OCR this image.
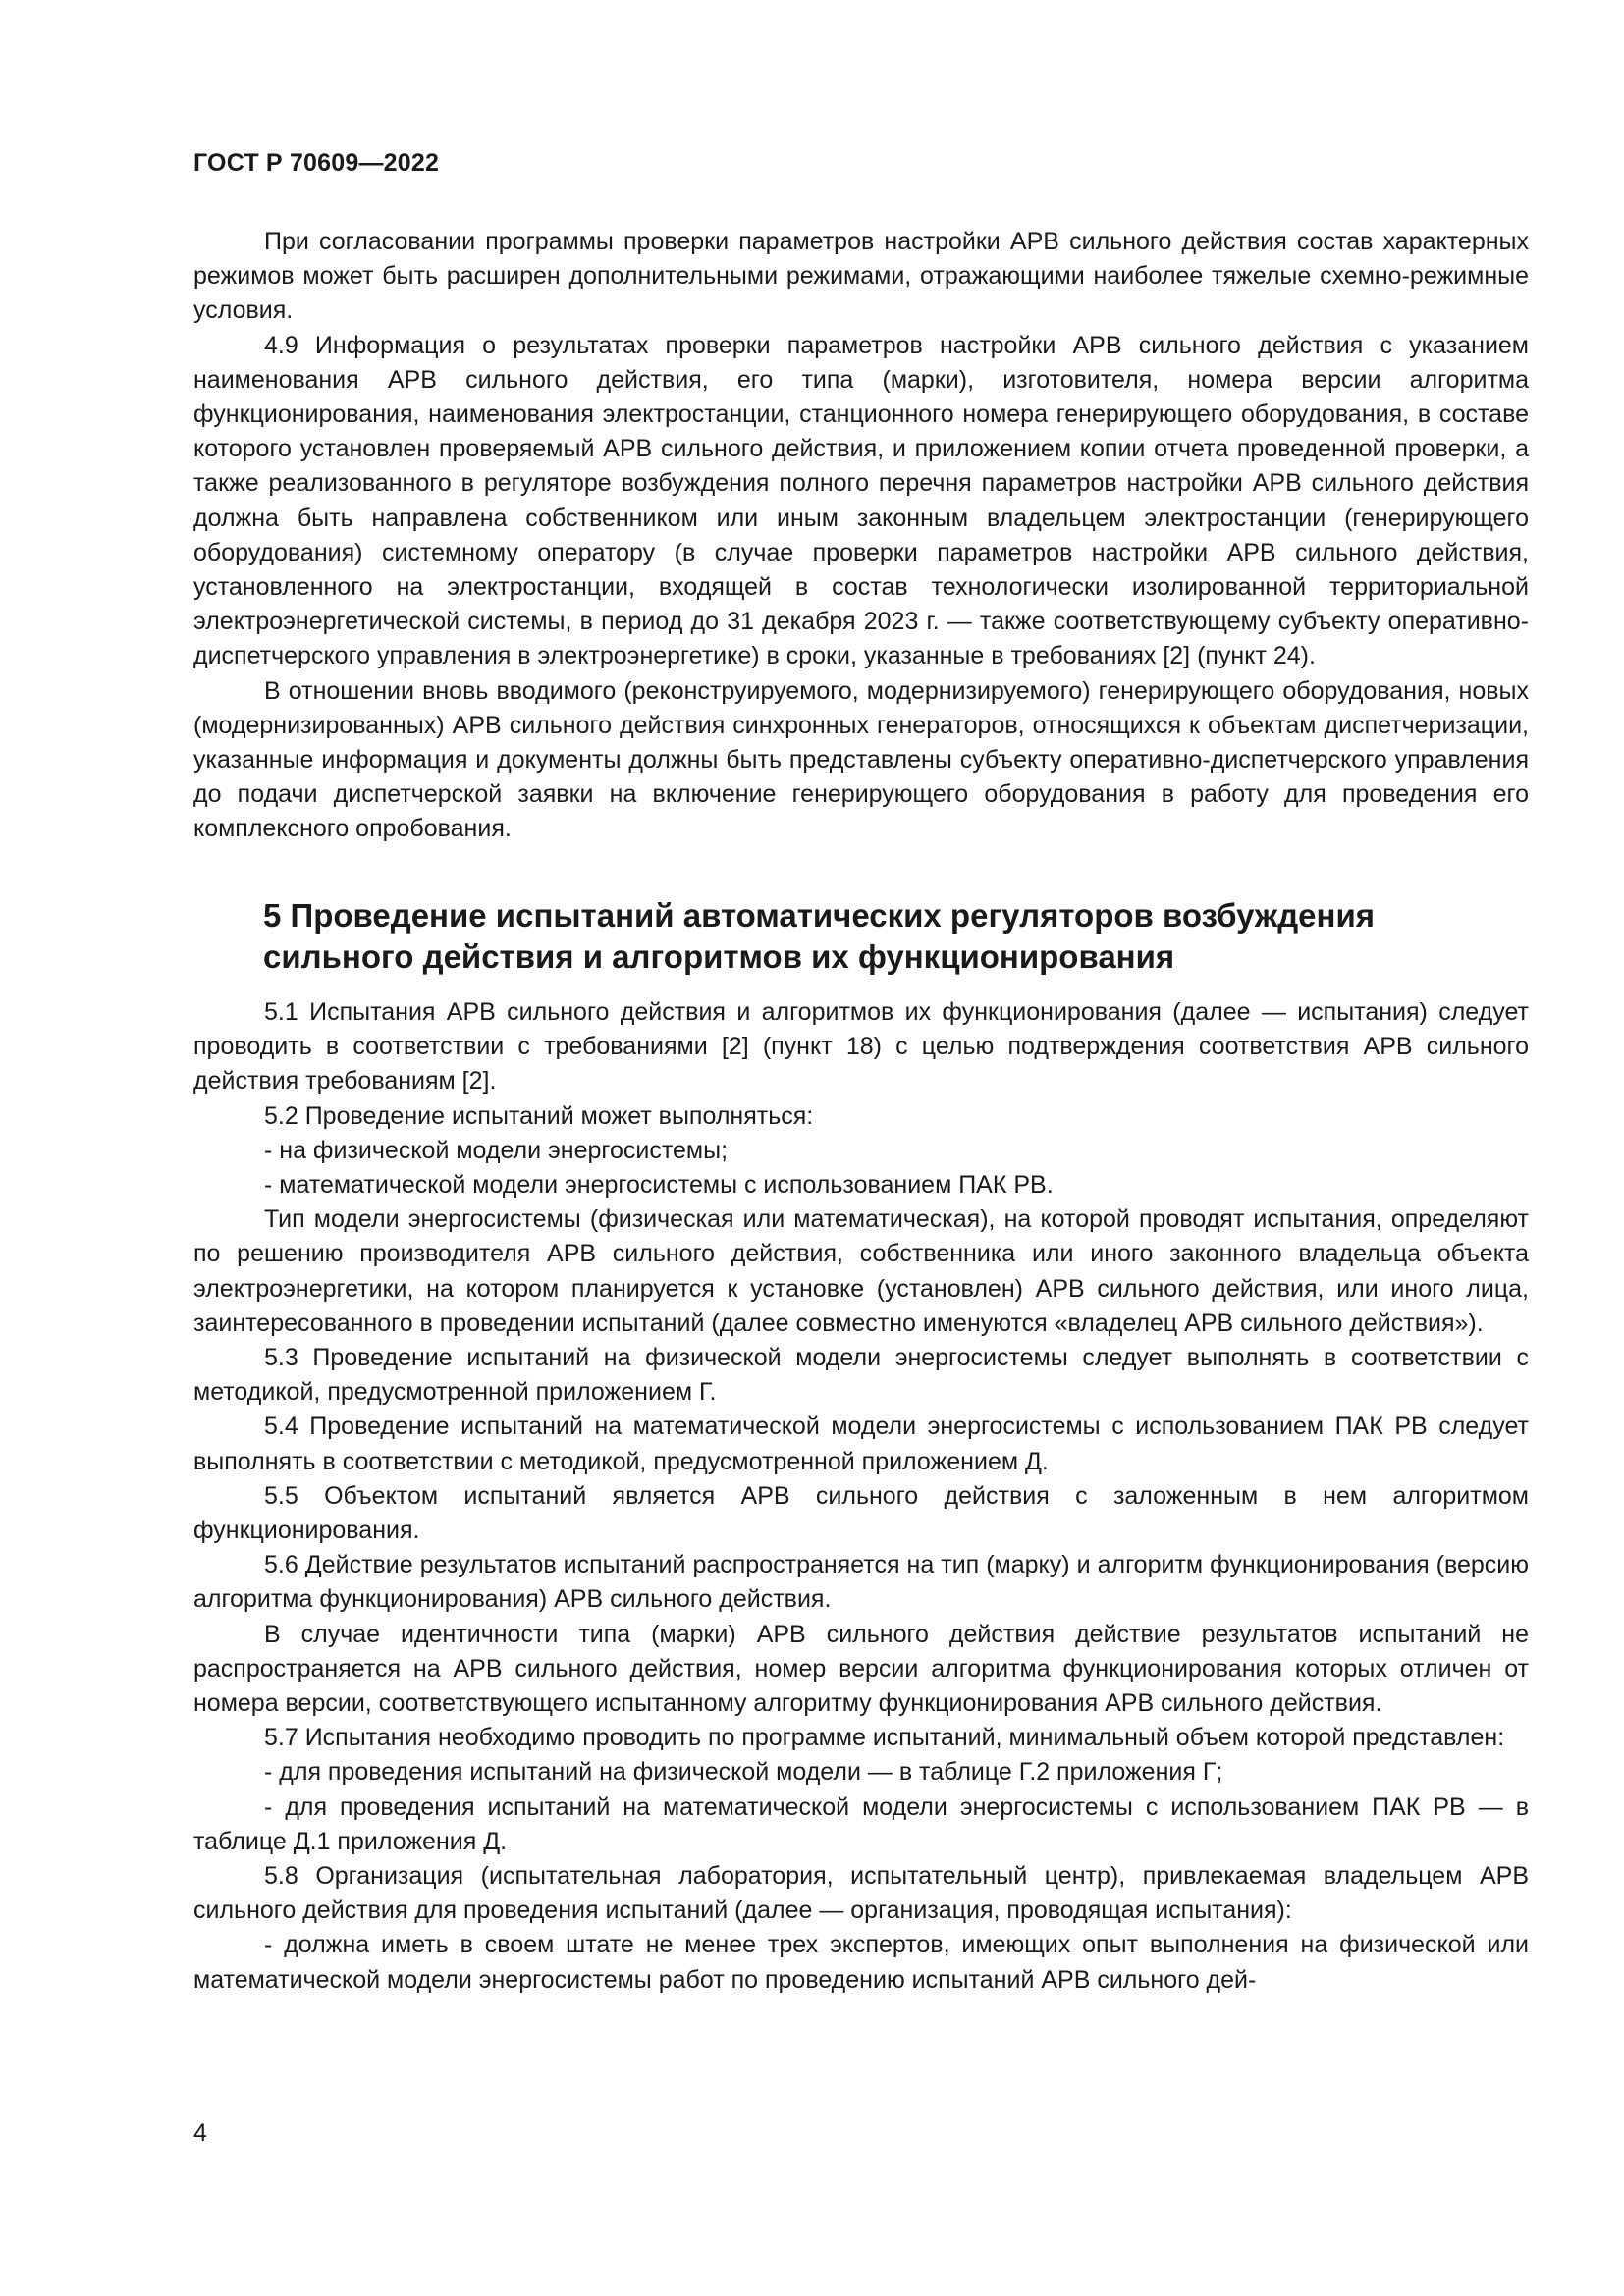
ГОСТ Р 70609—2022

При согласовании программы проверки параметров настройки АРВ сильного действия состав характерных режимов может быть расширен дополнительными режимами, отражающими наиболее тяжелые схемно-режимные условия.

4.9 Информация о результатах проверки параметров настройки АРВ сильного действия с указанием наименования АРВ сильного действия, его типа (марки), изготовителя, номера версии алгоритма функционирования, наименования электростанции, станционного номера генерирующего оборудования, в составе которого установлен проверяемый АРВ сильного действия, и приложением копии отчета проведенной проверки, а также реализованного в регуляторе возбуждения полного перечня параметров настройки АРВ сильного действия должна быть направлена собственником или иным законным владельцем электростанции (генерирующего оборудования) системному оператору (в случае проверки параметров настройки АРВ сильного действия, установленного на электростанции, входящей в состав технологически изолированной территориальной электроэнергетической системы, в период до 31 декабря 2023 г. — также соответствующему субъекту оперативно-диспетчерского управления в электроэнергетике) в сроки, указанные в требованиях [2] (пункт 24).

В отношении вновь вводимого (реконструируемого, модернизируемого) генерирующего оборудования, новых (модернизированных) АРВ сильного действия синхронных генераторов, относящихся к объектам диспетчеризации, указанные информация и документы должны быть представлены субъекту оперативно-диспетчерского управления до подачи диспетчерской заявки на включение генерирующего оборудования в работу для проведения его комплексного опробования.

5 Проведение испытаний автоматических регуляторов возбуждения сильного действия и алгоритмов их функционирования

5.1 Испытания АРВ сильного действия и алгоритмов их функционирования (далее — испытания) следует проводить в соответствии с требованиями [2] (пункт 18) с целью подтверждения соответствия АРВ сильного действия требованиям [2].

5.2 Проведение испытаний может выполняться:

- на физической модели энергосистемы;

- математической модели энергосистемы с использованием ПАК РВ.

Тип модели энергосистемы (физическая или математическая), на которой проводят испытания, определяют по решению производителя АРВ сильного действия, собственника или иного законного владельца объекта электроэнергетики, на котором планируется к установке (установлен) АРВ сильного действия, или иного лица, заинтересованного в проведении испытаний (далее совместно именуются «владелец АРВ сильного действия»).

5.3 Проведение испытаний на физической модели энергосистемы следует выполнять в соответствии с методикой, предусмотренной приложением Г.

5.4 Проведение испытаний на математической модели энергосистемы с использованием ПАК РВ следует выполнять в соответствии с методикой, предусмотренной приложением Д.

5.5 Объектом испытаний является АРВ сильного действия с заложенным в нем алгоритмом функционирования.

5.6 Действие результатов испытаний распространяется на тип (марку) и алгоритм функционирования (версию алгоритма функционирования) АРВ сильного действия.

В случае идентичности типа (марки) АРВ сильного действия действие результатов испытаний не распространяется на АРВ сильного действия, номер версии алгоритма функционирования которых отличен от номера версии, соответствующего испытанному алгоритму функционирования АРВ сильного действия.

5.7 Испытания необходимо проводить по программе испытаний, минимальный объем которой представлен:

- для проведения испытаний на физической модели — в таблице Г.2 приложения Г;

- для проведения испытаний на математической модели энергосистемы с использованием ПАК РВ — в таблице Д.1 приложения Д.

5.8 Организация (испытательная лаборатория, испытательный центр), привлекаемая владельцем АРВ сильного действия для проведения испытаний (далее — организация, проводящая испытания):

- должна иметь в своем штате не менее трех экспертов, имеющих опыт выполнения на физической или математической модели энергосистемы работ по проведению испытаний АРВ сильного дей-

4
